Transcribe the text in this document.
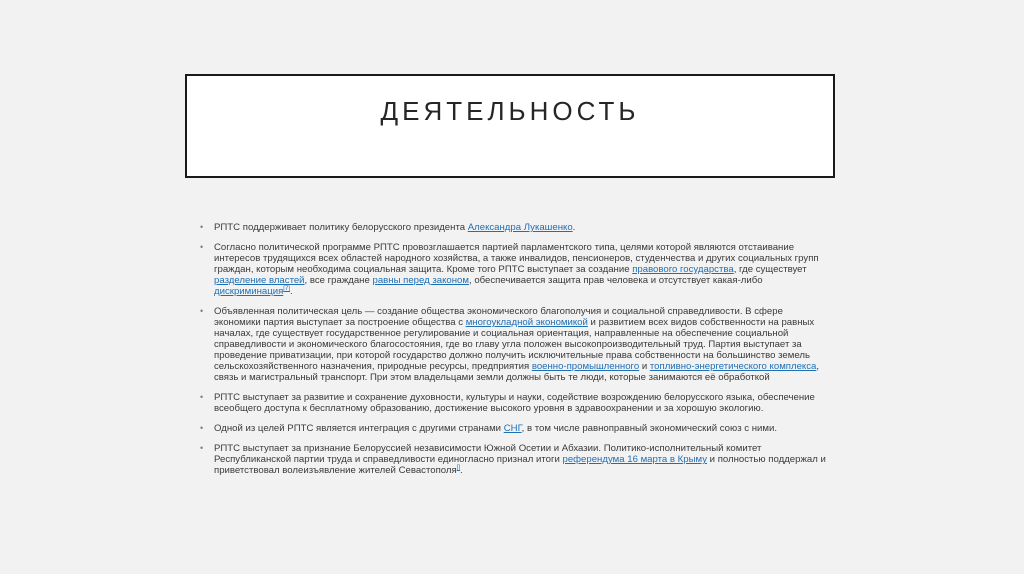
ДЕЯТЕЛЬНОСТЬ
• РПТС поддерживает политику белорусского президента Александра Лукашенко.
• Согласно политической программе РПТС провозглашается партией парламентского типа, целями которой являются отстаивание интересов трудящихся всех областей народного хозяйства, а также инвалидов, пенсионеров, студенчества и других социальных групп граждан, которым необходима социальная защита. Кроме того РПТС выступает за создание правового государства, где существует разделение властей, все граждане равны перед законом, обеспечивается защита прав человека и отсутствует какая-либо дискриминация[7].
• Объявленная политическая цель — создание общества экономического благополучия и социальной справедливости. В сфере экономики партия выступает за построение общества с многоукладной экономикой и развитием всех видов собственности на равных началах, где существует государственное регулирование и социальная ориентация, направленные на обеспечение социальной справедливости и экономического благосостояния, где во главу угла положен высокопроизводительный труд. Партия выступает за проведение приватизации, при которой государство должно получить исключительные права собственности на большинство земель сельскохозяйственного назначения, природные ресурсы, предприятия военно-промышленного и топливно-энергетического комплекса, связь и магистральный транспорт. При этом владельцами земли должны быть те люди, которые занимаются её обработкой
• РПТС выступает за развитие и сохранение духовности, культуры и науки, содействие возрождению белорусского языка, обеспечение всеобщего доступа к бесплатному образованию, достижение высокого уровня в здравоохранении и за хорошую экологию.
• Одной из целей РПТС является интеграция с другими странами СНГ, в том числе равноправный экономический союз с ними.
• РПТС выступает за признание Белоруссией независимости Южной Осетии и Абхазии. Политико-исполнительный комитет Республиканской партии труда и справедливости единогласно признал итоги референдума 16 марта в Крыму и полностью поддержал и приветствовал волеизъявление жителей Севастополя[].
